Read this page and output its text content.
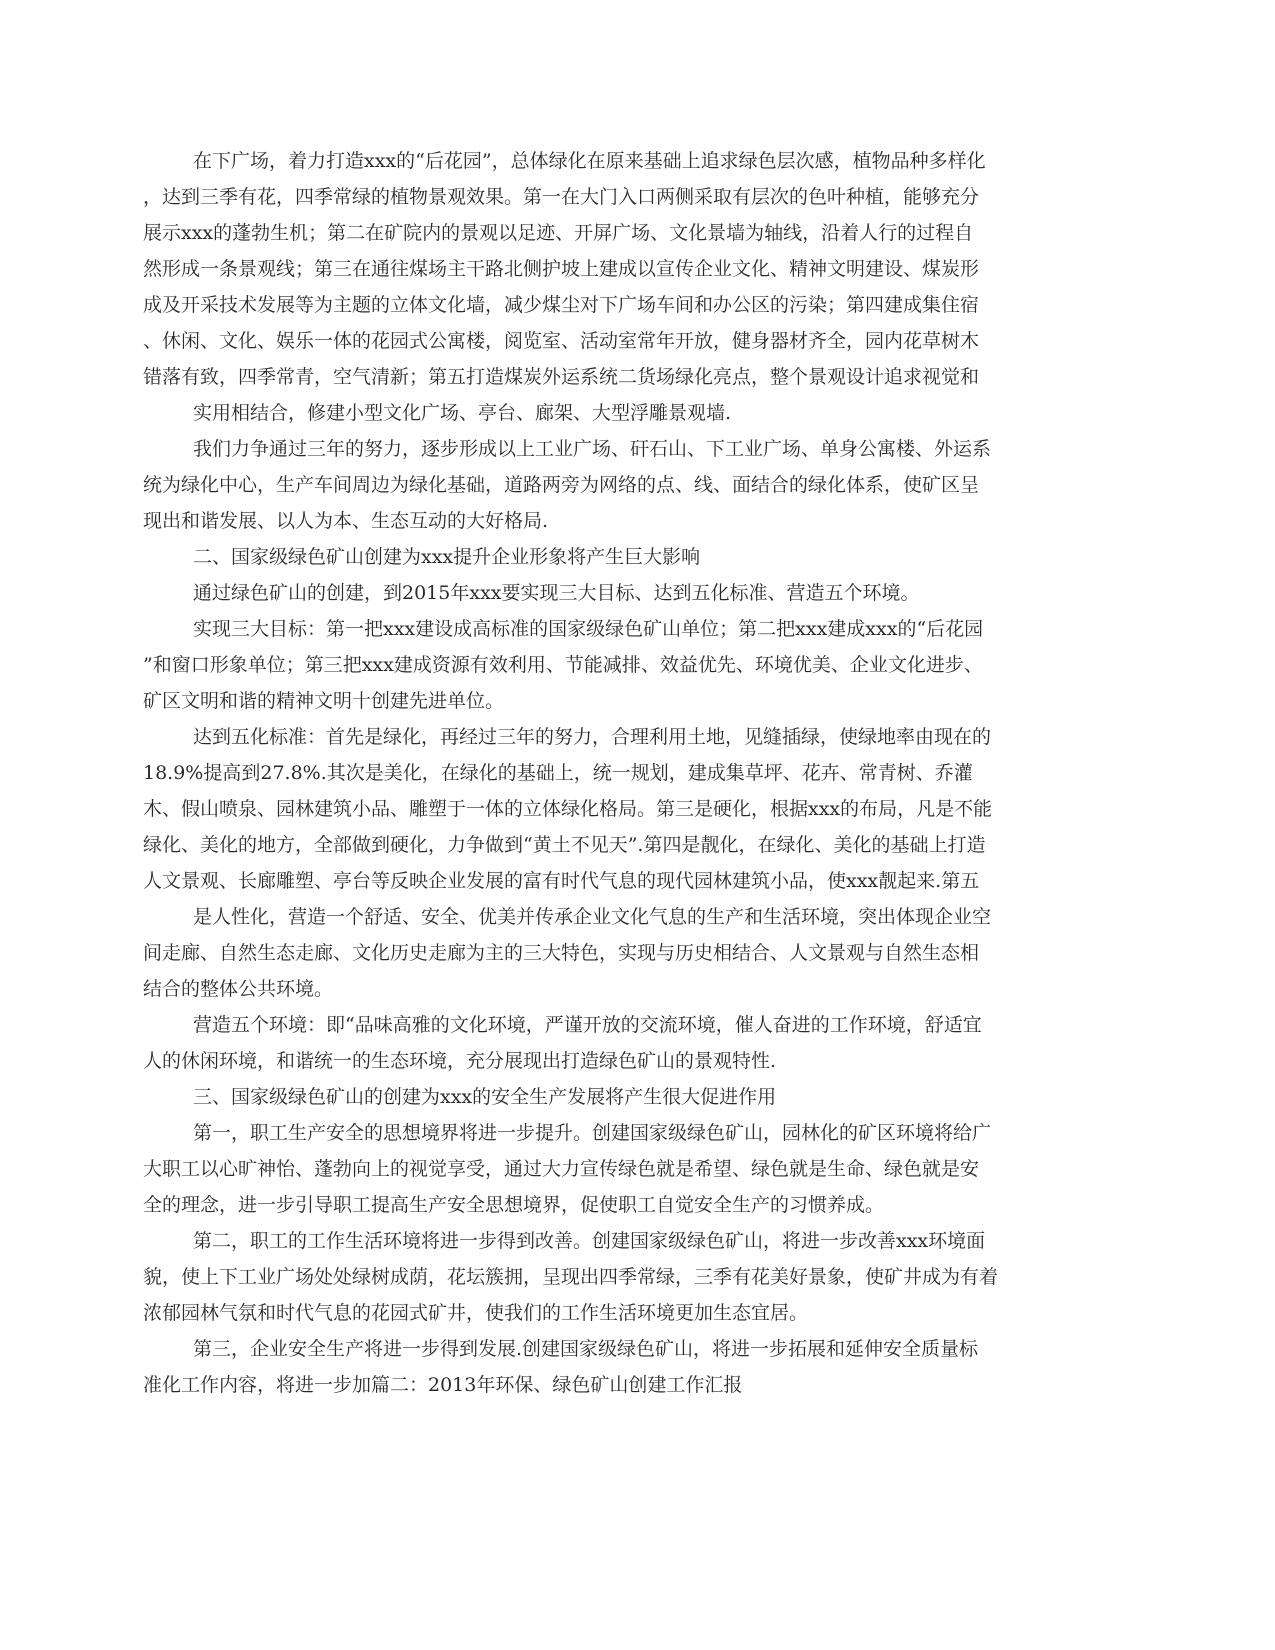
在下广场，着力打造xxx的“后花园”，总体绿化在原来基础上追求绿色层次感，植物品种多样化
，达到三季有花，四季常绿的植物景观效果。第一在大门入口两侧采取有层次的色叶种植，能够充分
展示xxx的蓬勃生机；第二在矿院内的景观以足迹、开屏广场、文化景墙为轴线，沿着人行的过程自
然形成一条景观线；第三在通往煤场主干路北侧护坡上建成以宣传企业文化、精神文明建设、煤炭形
成及开采技术发展等为主题的立体文化墙，减少煤尘对下广场车间和办公区的污染；第四建成集住宿
、休闲、文化、娱乐一体的花园式公寓楼，阅览室、活动室常年开放，健身器材齐全，园内花草树木
错落有致，四季常青，空气清新；第五打造煤炭外运系统二货场绿化亮点，整个景观设计追求视觉和
实用相结合，修建小型文化广场、亭台、廊架、大型浮雕景观墙.
我们力争通过三年的努力，逐步形成以上工业广场、矸石山、下工业广场、单身公寓楼、外运系
统为绿化中心，生产车间周边为绿化基础，道路两旁为网络的点、线、面结合的绿化体系，使矿区呈
现出和谐发展、以人为本、生态互动的大好格局.
二、国家级绿色矿山创建为xxx提升企业形象将产生巨大影响
通过绿色矿山的创建，到2015年xxx要实现三大目标、达到五化标准、营造五个环境。
实现三大目标：第一把xxx建设成高标准的国家级绿色矿山单位；第二把xxx建成xxx的“后花园
”和窗口形象单位；第三把xxx建成资源有效利用、节能减排、效益优先、环境优美、企业文化进步、
矿区文明和谐的精神文明十创建先进单位。
达到五化标准：首先是绿化，再经过三年的努力，合理利用土地，见缝插绿，使绿地率由现在的
18.9%提高到27.8%.其次是美化，在绿化的基础上，统一规划，建成集草坪、花卉、常青树、乔灌
木、假山喷泉、园林建筑小品、雕塑于一体的立体绿化格局。第三是硬化，根据xxx的布局，凡是不能
绿化、美化的地方，全部做到硬化，力争做到“黄土不见天”.第四是靓化，在绿化、美化的基础上打造
人文景观、长廊雕塑、亭台等反映企业发展的富有时代气息的现代园林建筑小品，使xxx靓起来.第五
是人性化，营造一个舒适、安全、优美并传承企业文化气息的生产和生活环境，突出体现企业空
间走廊、自然生态走廊、文化历史走廊为主的三大特色，实现与历史相结合、人文景观与自然生态相
结合的整体公共环境。
营造五个环境：即“品味高雅的文化环境，严谨开放的交流环境，催人奋进的工作环境，舒适宜
人的休闲环境，和谐统一的生态环境，充分展现出打造绿色矿山的景观特性.
三、国家级绿色矿山的创建为xxx的安全生产发展将产生很大促进作用
第一，职工生产安全的思想境界将进一步提升。创建国家级绿色矿山，园林化的矿区环境将给广
大职工以心旷神怡、蓬勃向上的视觉享受，通过大力宣传绿色就是希望、绿色就是生命、绿色就是安
全的理念，进一步引导职工提高生产安全思想境界，促使职工自觉安全生产的习惯养成。
第二，职工的工作生活环境将进一步得到改善。创建国家级绿色矿山，将进一步改善xxx环境面
貌，使上下工业广场处处绿树成荫，花坛簇拥，呈现出四季常绿，三季有花美好景象，使矿井成为有着
浓郁园林气氛和时代气息的花园式矿井，使我们的工作生活环境更加生态宜居。
第三，企业安全生产将进一步得到发展.创建国家级绿色矿山，将进一步拓展和延伸安全质量标
准化工作内容，将进一步加篇二：2013年环保、绿色矿山创建工作汇报
